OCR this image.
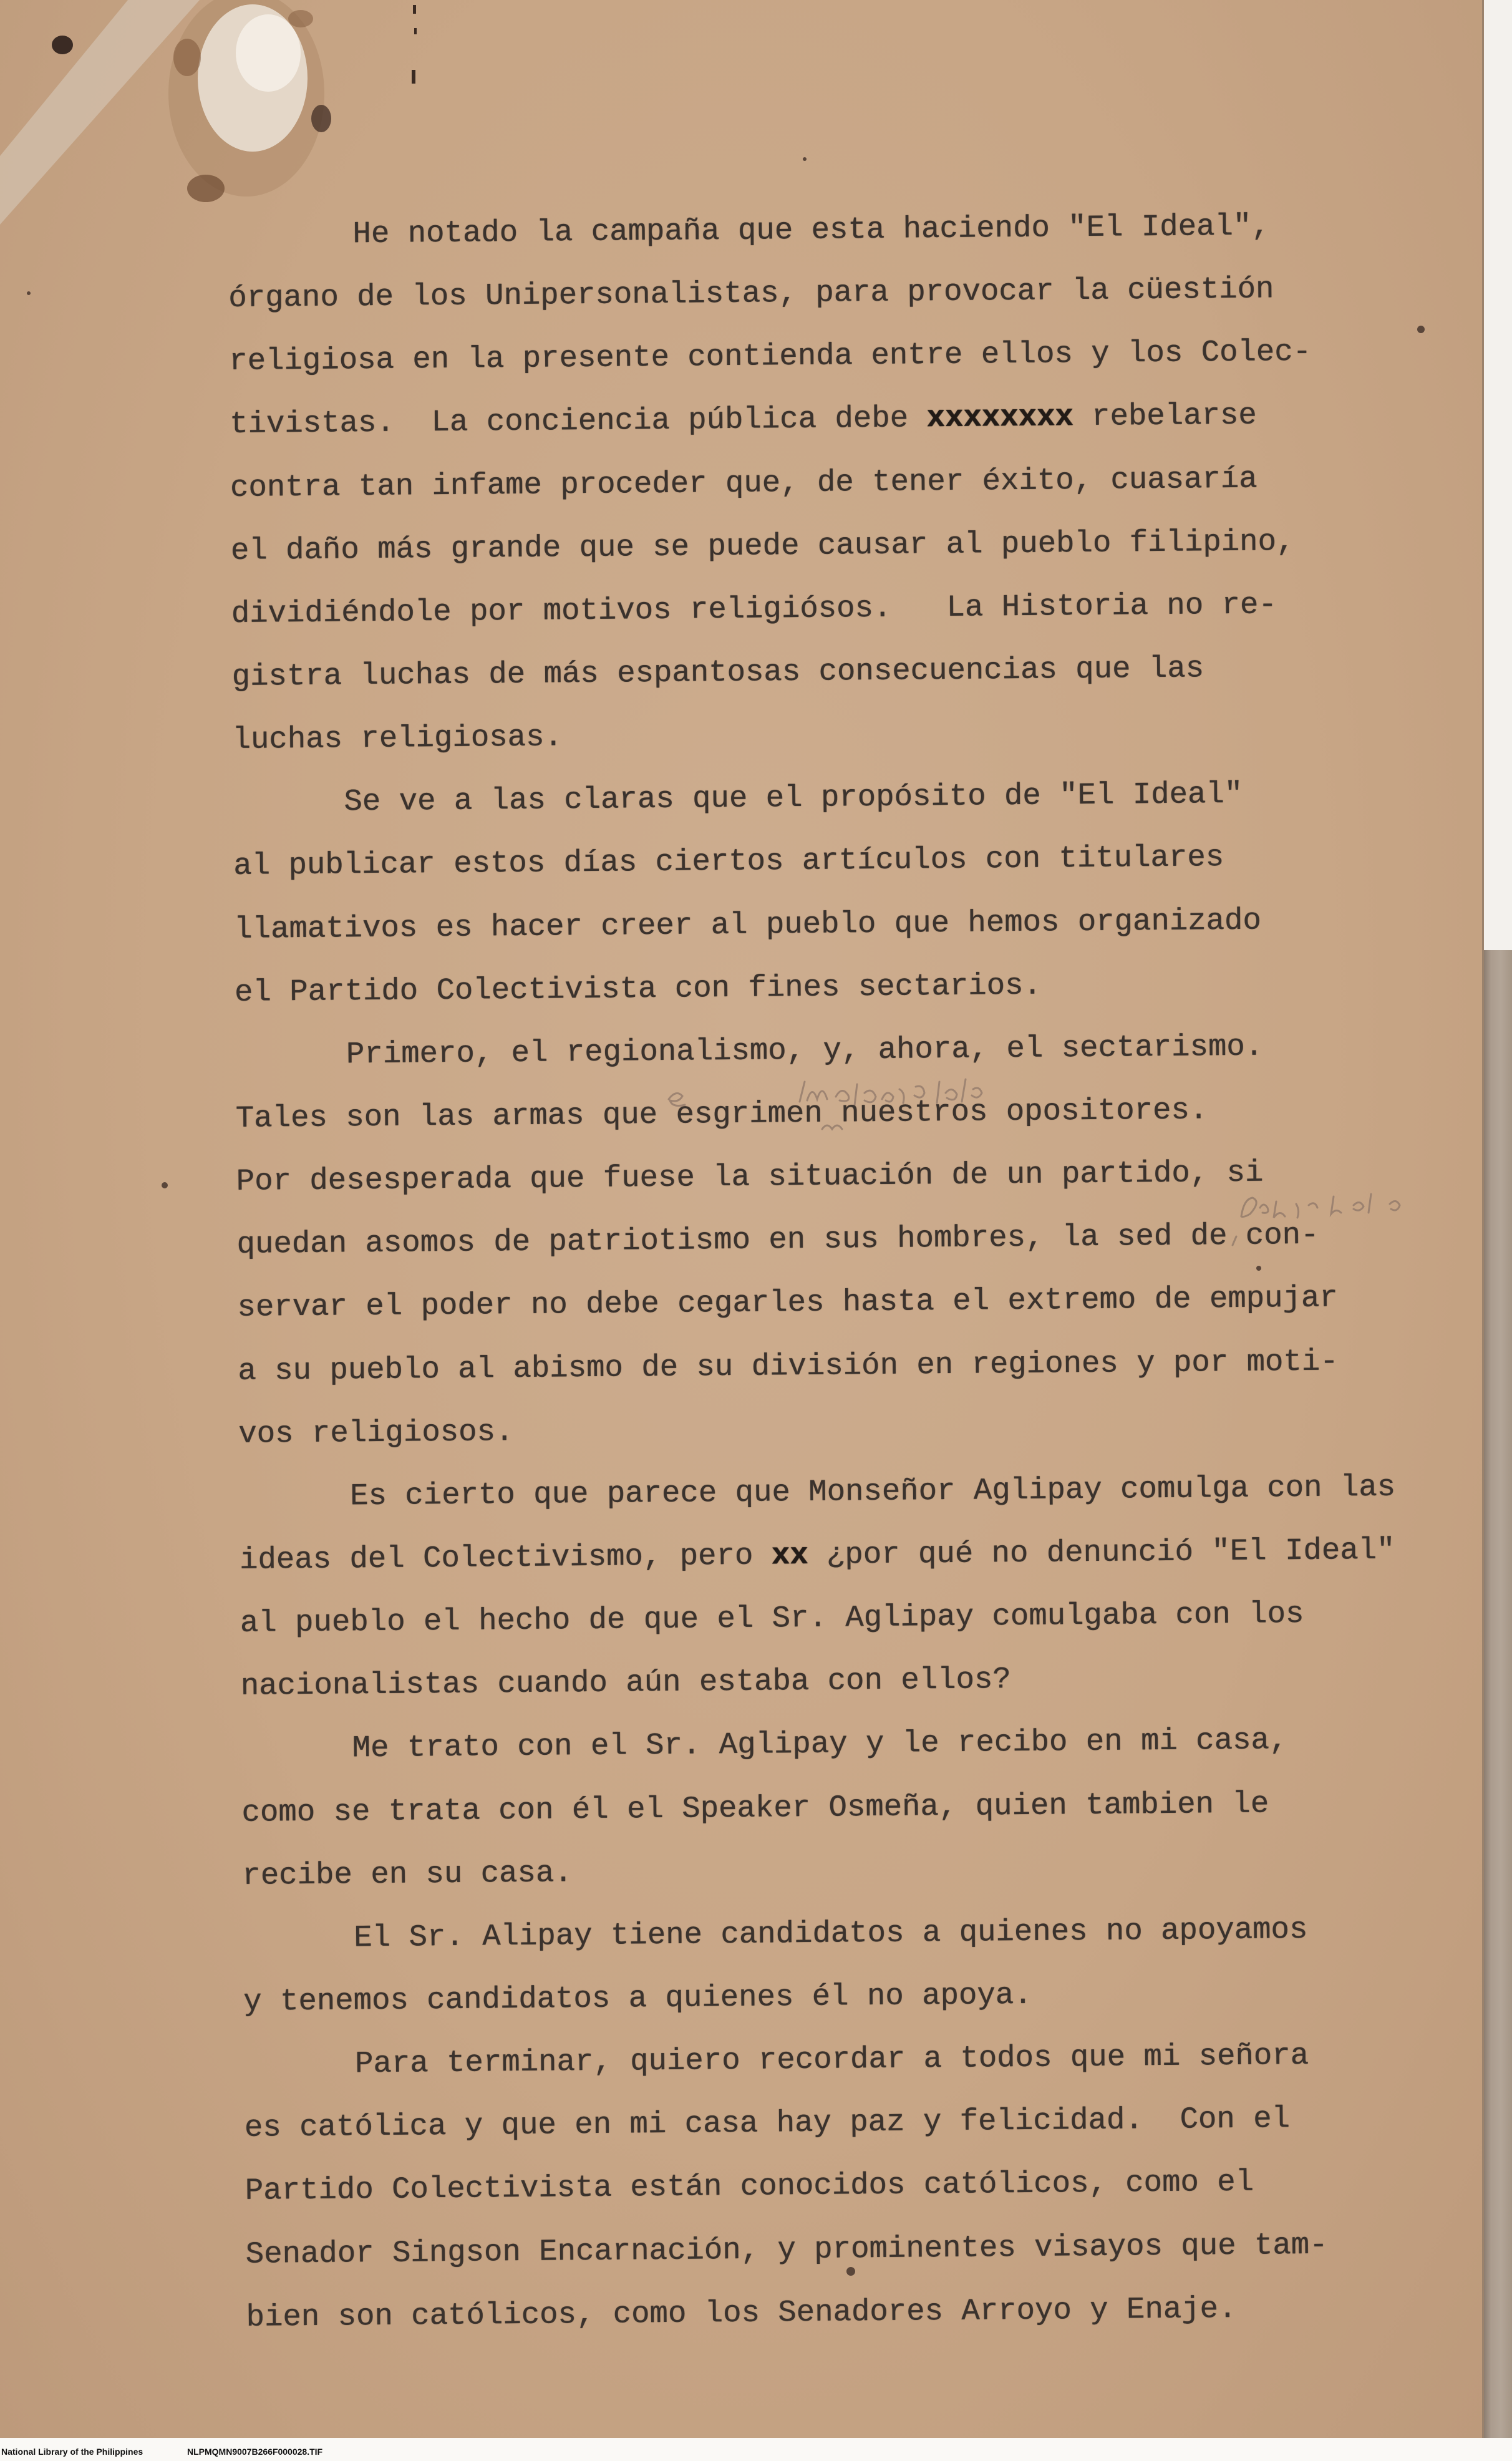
He notado la campaña que esta haciendo "El Ideal",
órgano de los Unipersonalistas, para provocar la cüestión
religiosa en la presente contienda entre ellos y los Colec-
tivistas.  La conciencia pública debe xxxxxxxx rebelarse
contra tan infame proceder que, de tener éxito, cuasaría
el daño más grande que se puede causar al pueblo filipino,
dividiéndole por motivos religiósos.   La Historia no re-
gistra luchas de más espantosas consecuencias que las
luchas religiosas.
Se ve a las claras que el propósito de "El Ideal"
al publicar estos días ciertos artículos con titulares
llamativos es hacer creer al pueblo que hemos organizado
el Partido Colectivista con fines sectarios.
Primero, el regionalismo, y, ahora, el sectarismo.
Tales son las armas que esgrimen nuestros opositores.
Por desesperada que fuese la situación de un partido, si
quedan asomos de patriotismo en sus hombres, la sed de con-
servar el poder no debe cegarles hasta el extremo de empujar
a su pueblo al abismo de su división en regiones y por moti-
vos religiosos.
Es cierto que parece que Monseñor Aglipay comulga con las
ideas del Colectivismo, pero xx ¿por qué no denunció "El Ideal"
al pueblo el hecho de que el Sr. Aglipay comulgaba con los
nacionalistas cuando aún estaba con ellos?
Me trato con el Sr. Aglipay y le recibo en mi casa,
como se trata con él el Speaker Osmeña, quien tambien le
recibe en su casa.
El Sr. Alipay tiene candidatos a quienes no apoyamos
y tenemos candidatos a quienes él no apoya.
Para terminar, quiero recordar a todos que mi señora
es católica y que en mi casa hay paz y felicidad.  Con el
Partido Colectivista están conocidos católicos, como el
Senador Singson Encarnación, y prominentes visayos que tam-
bien son católicos, como los Senadores Arroyo y Enaje.
National Library of the Philippines	NLPMQMN9007B266F000028.TIF
